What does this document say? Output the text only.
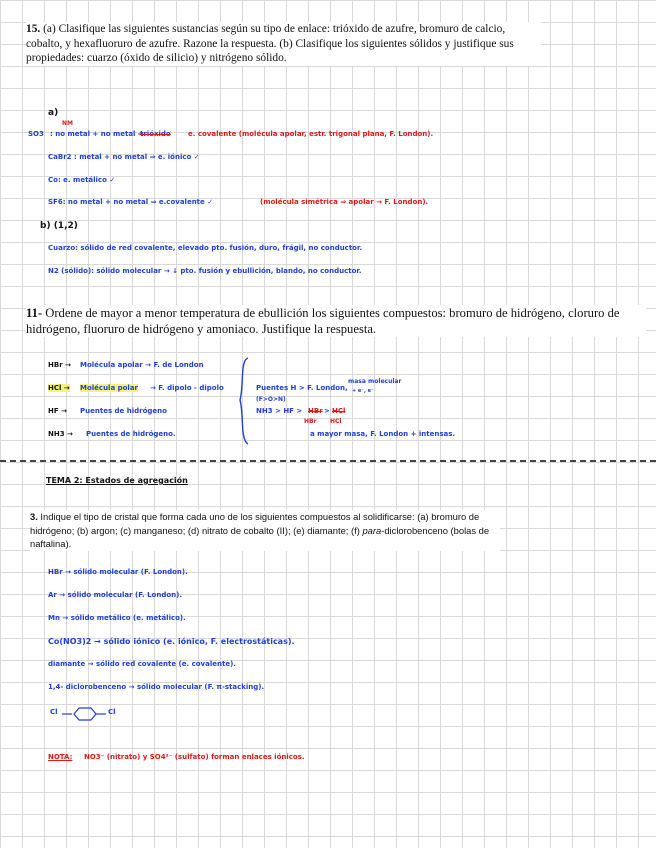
15. (a) Clasifique las siguientes sustancias según su tipo de enlace: trióxido de azufre, bromuro de calcio, cobalto, y hexafluoruro de azufre. Razone la respuesta. (b) Clasifique los siguientes sólidos y justifique sus propiedades: cuarzo (óxido de silicio) y nitrógeno sólido.
a)
SO3
NM
: no metal + no metal ⇒
trióxido e. covalente (molécula apolar, estr. trigonal plana, F. London).
CaBr2 : metal + no metal ⇒ e. iónico ✓
Co: e. metálico ✓
SF6: no metal + no metal ⇒ e.covalente ✓	(molécula simétrica ⇒ apolar → F. London).
b) (1,2)
Cuarzo: sólido de red covalente, elevado pto. fusión, duro, frágil, no conductor.
N2 (sólido): sólido molecular → ↓ pto. fusión y ebullición, blando, no conductor.
11- Ordene de mayor a menor temperatura de ebullición los siguientes compuestos: bromuro de hidrógeno, cloruro de hidrógeno, fluoruro de hidrógeno y amoniaco. Justifique la respuesta.
HBr → Molécula apolar → F. de London
HCl → Molécula polar → F. dipolo - dipolo
HF → Puentes de hidrógeno
NH3 → Puentes de hidrógeno.
Puentes H > F. London,
masa molecular
+ e⁻, e⁻
(F>O>N)
NH3 > HF > HBr > HCl
HBr HCl
a mayor masa, F. London + intensas.
TEMA 2: Estados de agregación
3. Indique el tipo de cristal que forma cada uno de los siguientes compuestos al solidificarse: (a) bromuro de hidrógeno; (b) argon; (c) manganeso; (d) nitrato de cobalto (II); (e) diamante; (f) para-diclorobenceno (bolas de naftalina).
HBr → sólido molecular (F. London).
Ar → sólido molecular (F. London).
Mn → sólido metálico (e. metálico).
Co(NO3)2 → sólido iónico (e. iónico, F. electrostáticas).
diamante → sólido red covalente (e. covalente).
1,4- diclorobenceno → sólido molecular (F. π-stacking).
Cl	Cl
NOTA: NO3⁻ (nitrato) y SO4²⁻ (sulfato) forman enlaces iónicos.
